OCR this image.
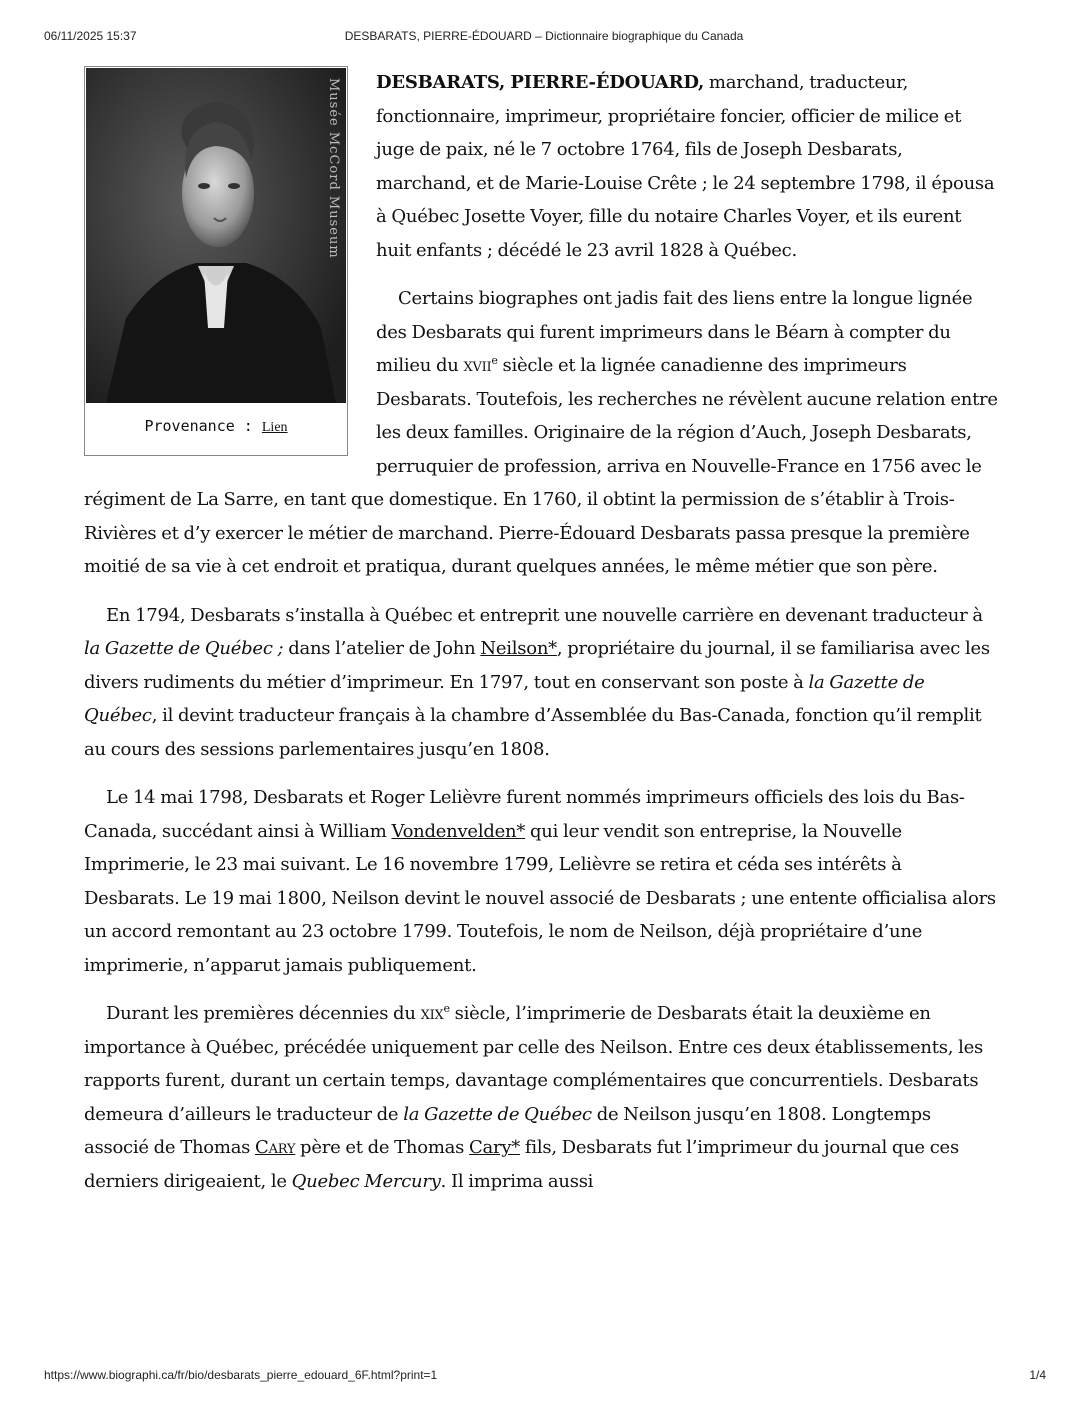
06/11/2025 15:37	DESBARATS, PIERRE-ÉDOUARD – Dictionnaire biographique du Canada
Musée McCord Museum
Provenance : Lien

DESBARATS, PIERRE-ÉDOUARD, marchand, traducteur, fonctionnaire, imprimeur, propriétaire foncier, officier de milice et juge de paix, né le 7 octobre 1764, fils de Joseph Desbarats, marchand, et de Marie-Louise Crête ; le 24 septembre 1798, il épousa à Québec Josette Voyer, fille du notaire Charles Voyer, et ils eurent huit enfants ; décédé le 23 avril 1828 à Québec.

Certains biographes ont jadis fait des liens entre la longue lignée des Desbarats qui furent imprimeurs dans le Béarn à compter du milieu du xvii$^e$ siècle et la lignée canadienne des imprimeurs Desbarats. Toutefois, les recherches ne révèlent aucune relation entre les deux familles. Originaire de la région d’Auch, Joseph Desbarats, perruquier de profession, arriva en Nouvelle-France en 1756 avec le régiment de La Sarre, en tant que domestique. En 1760, il obtint la permission de s’établir à Trois-Rivières et d’y exercer le métier de marchand. Pierre-Édouard Desbarats passa presque la première moitié de sa vie à cet endroit et pratiqua, durant quelques années, le même métier que son père.

En 1794, Desbarats s’installa à Québec et entreprit une nouvelle carrière en devenant traducteur à la Gazette de Québec ; dans l’atelier de John Neilson*, propriétaire du journal, il se familiarisa avec les divers rudiments du métier d’imprimeur. En 1797, tout en conservant son poste à la Gazette de Québec, il devint traducteur français à la chambre d’Assemblée du Bas-Canada, fonction qu’il remplit au cours des sessions parlementaires jusqu’en 1808.

Le 14 mai 1798, Desbarats et Roger Lelièvre furent nommés imprimeurs officiels des lois du Bas-Canada, succédant ainsi à William Vondenvelden* qui leur vendit son entreprise, la Nouvelle Imprimerie, le 23 mai suivant. Le 16 novembre 1799, Lelièvre se retira et céda ses intérêts à Desbarats. Le 19 mai 1800, Neilson devint le nouvel associé de Desbarats ; une entente officialisa alors un accord remontant au 23 octobre 1799. Toutefois, le nom de Neilson, déjà propriétaire d’une imprimerie, n’apparut jamais publiquement.

Durant les premières décennies du xix$^e$ siècle, l’imprimerie de Desbarats était la deuxième en importance à Québec, précédée uniquement par celle des Neilson. Entre ces deux établissements, les rapports furent, durant un certain temps, davantage complémentaires que concurrentiels. Desbarats demeura d’ailleurs le traducteur de la Gazette de Québec de Neilson jusqu’en 1808. Longtemps associé de Thomas Cary père et de Thomas Cary* fils, Desbarats fut l’imprimeur du journal que ces derniers dirigeaient, le Quebec Mercury. Il imprima aussi

https://www.biographi.ca/fr/bio/desbarats_pierre_edouard_6F.html?print=1	1/4
